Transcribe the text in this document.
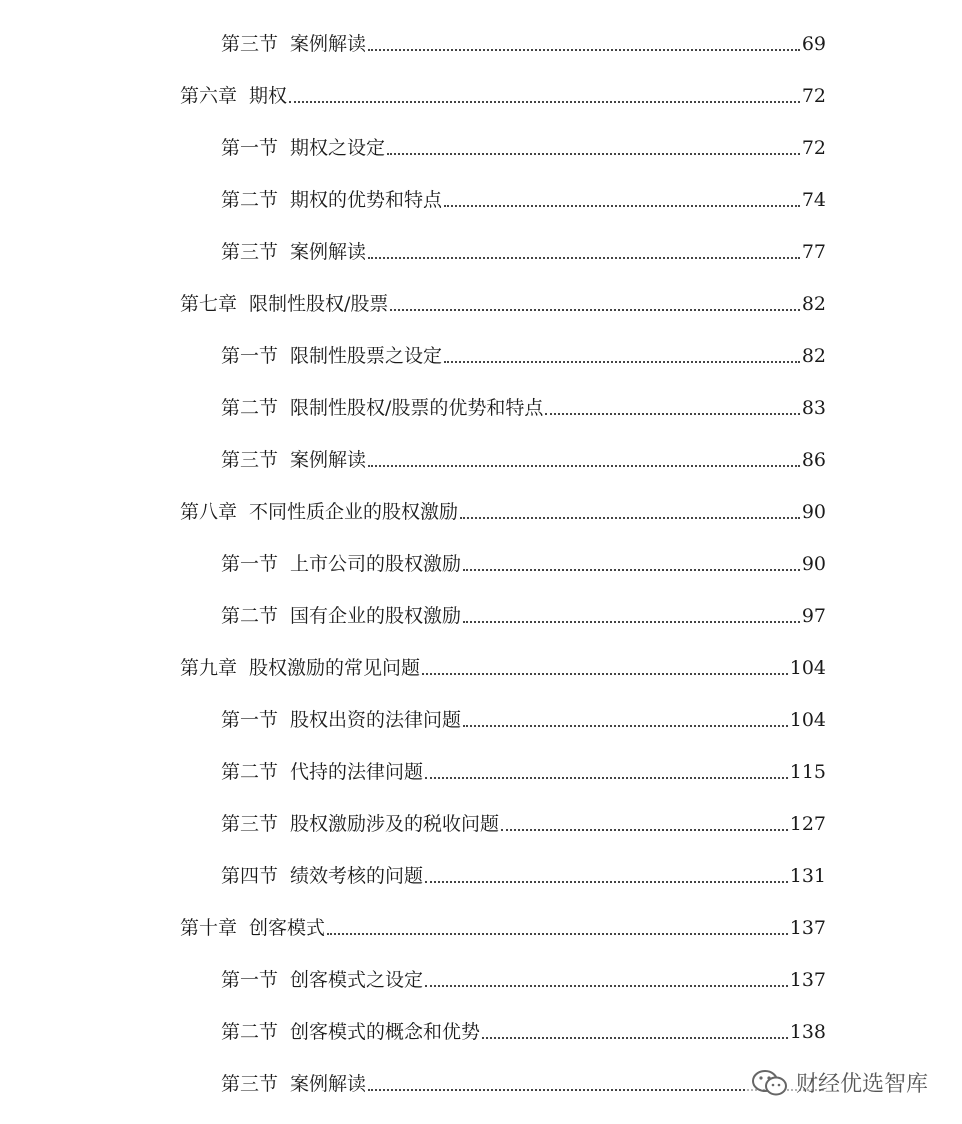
第三节 案例解读	69
第六章 期权	72
第一节 期权之设定	72
第二节 期权的优势和特点	74
第三节 案例解读	77
第七章 限制性股权/股票	82
第一节 限制性股票之设定	82
第二节 限制性股权/股票的优势和特点	83
第三节 案例解读	86
第八章 不同性质企业的股权激励	90
第一节 上市公司的股权激励	90
第二节 国有企业的股权激励	97
第九章 股权激励的常见问题	104
第一节 股权出资的法律问题	104
第二节 代持的法律问题	115
第三节 股权激励涉及的税收问题	127
第四节 绩效考核的问题	131
第十章 创客模式	137
第一节 创客模式之设定	137
第二节 创客模式的概念和优势	138
第三节 案例解读	财经优选智库
